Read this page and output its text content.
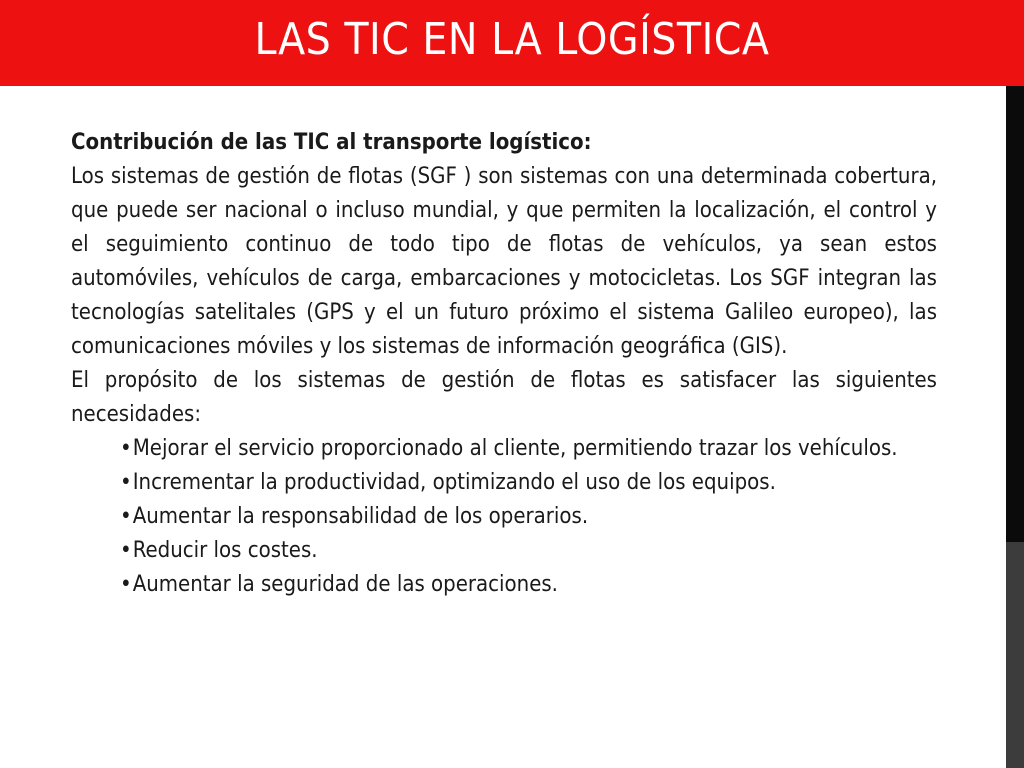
LAS TIC EN LA LOGÍSTICA
Contribución de las TIC al transporte logístico:

Los sistemas de gestión de flotas (SGF ) son sistemas con una determinada cobertura, que puede ser nacional o incluso mundial, y que permiten la localización, el control y el seguimiento continuo de todo tipo de flotas de vehículos, ya sean estos automóviles, vehículos de carga, embarcaciones y motocicletas. Los SGF integran las tecnologías satelitales (GPS y el un futuro próximo el sistema Galileo europeo), las comunicaciones móviles y los sistemas de información geográfica (GIS).

El propósito de los sistemas de gestión de flotas es satisfacer las siguientes necesidades:

•Mejorar el servicio proporcionado al cliente, permitiendo trazar los vehículos.
•Incrementar la productividad, optimizando el uso de los equipos.
•Aumentar la responsabilidad de los operarios.
•Reducir los costes.
•Aumentar la seguridad de las operaciones.
